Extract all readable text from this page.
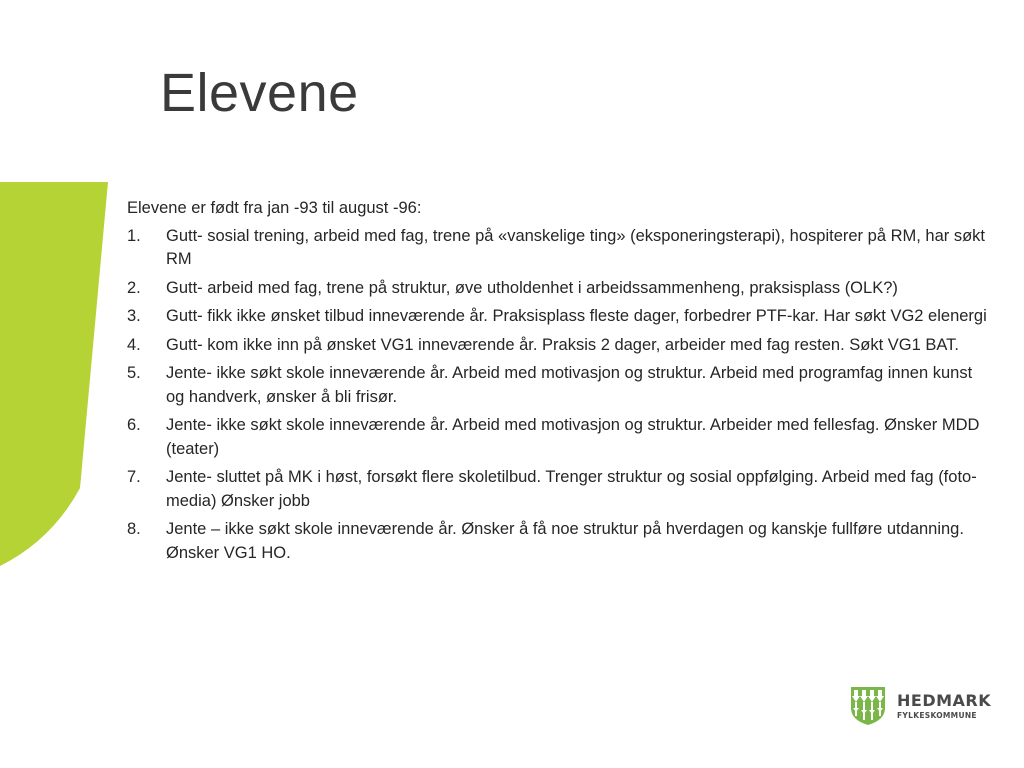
Elevene

Elevene er født fra jan -93 til august -96:

1. Gutt- sosial trening, arbeid med fag, trene på «vanskelige ting» (eksponeringsterapi), hospiterer på RM, har søkt RM
2. Gutt- arbeid med fag, trene på struktur, øve utholdenhet i arbeidssammenheng, praksisplass (OLK?)
3. Gutt- fikk ikke ønsket tilbud inneværende år. Praksisplass fleste dager, forbedrer PTF-kar. Har søkt VG2 elenergi
4. Gutt- kom ikke inn på ønsket VG1 inneværende år. Praksis 2 dager, arbeider med fag resten. Søkt VG1 BAT.
5. Jente- ikke søkt skole inneværende år. Arbeid med motivasjon og struktur. Arbeid med programfag innen kunst og handverk, ønsker å bli frisør.
6. Jente- ikke søkt skole inneværende år. Arbeid med motivasjon og struktur. Arbeider med fellesfag. Ønsker MDD (teater)
7. Jente- sluttet på MK i høst, forsøkt flere skoletilbud. Trenger struktur og sosial oppfølging. Arbeid med fag (foto-media) Ønsker jobb
8. Jente – ikke søkt skole inneværende år. Ønsker å få noe struktur på hverdagen og kanskje fullføre utdanning. Ønsker VG1 HO.
HEDMARK
FYLKESKOMMUNE
